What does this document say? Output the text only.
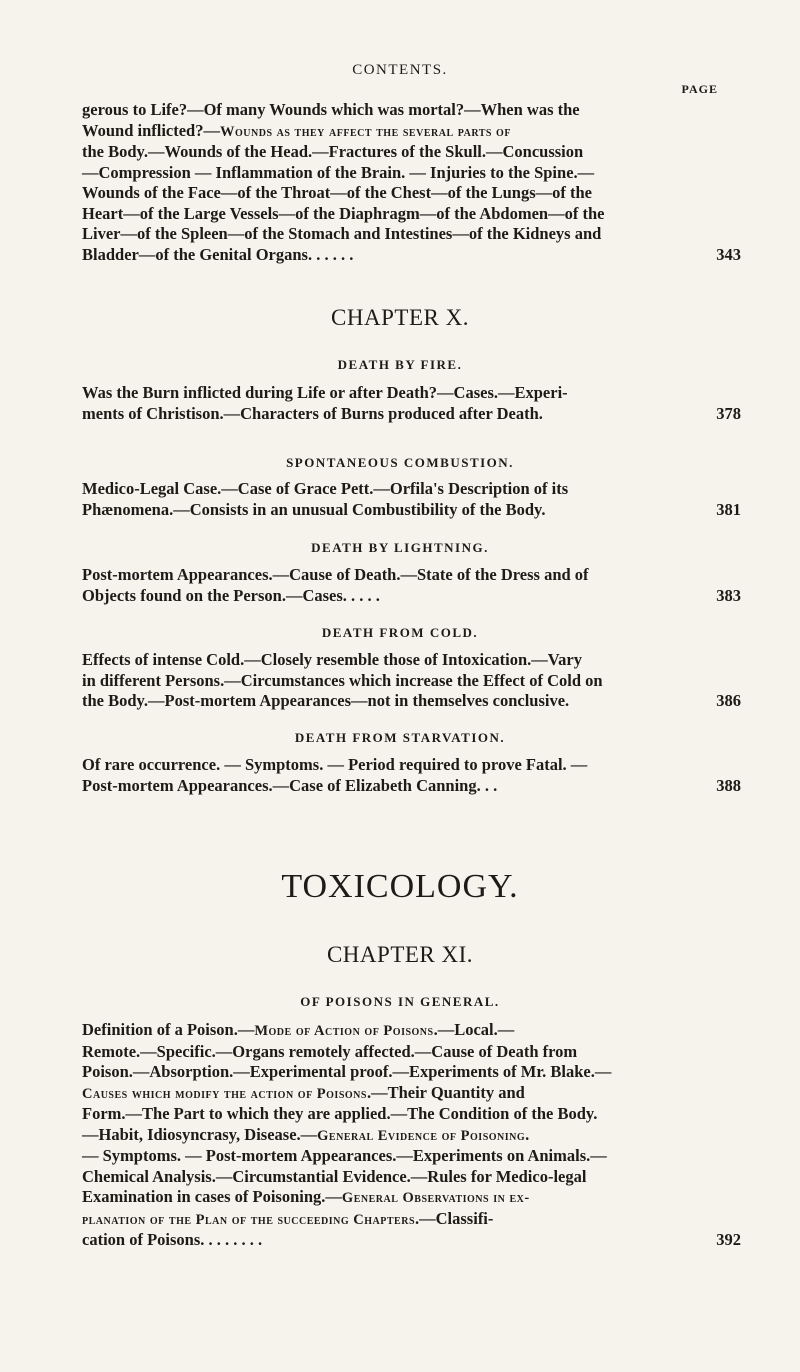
CONTENTS.
PAGE

gerous to Life?—Of many Wounds which was mortal?—When was the

Wound inflicted?—Wounds as they affect the several parts of

the Body.—Wounds of the Head.—Fractures of the Skull.—Concussion

—Compression — Inflammation of the Brain. — Injuries to the Spine.—

Wounds of the Face—of the Throat—of the Chest—of the Lungs—of the

Heart—of the Large Vessels—of the Diaphragm—of the Abdomen—of the

Liver—of the Spleen—of the Stomach and Intestines—of the Kidneys and

Bladder—of the Genital Organs. . . . . .	343
CHAPTER X.
DEATH BY FIRE.

Was the Burn inflicted during Life or after Death?—Cases.—Experi-

ments of Christison.—Characters of Burns produced after Death.	378
SPONTANEOUS COMBUSTION.

Medico-Legal Case.—Case of Grace Pett.—Orfila's Description of its

Phænomena.—Consists in an unusual Combustibility of the Body.	381
DEATH BY LIGHTNING.

Post-mortem Appearances.—Cause of Death.—State of the Dress and of

Objects found on the Person.—Cases. . . . .	383
DEATH FROM COLD.

Effects of intense Cold.—Closely resemble those of Intoxication.—Vary

in different Persons.—Circumstances which increase the Effect of Cold on

the Body.—Post-mortem Appearances—not in themselves conclusive.	386
DEATH FROM STARVATION.

Of rare occurrence. — Symptoms. — Period required to prove Fatal. —

Post-mortem Appearances.—Case of Elizabeth Canning. . .	388
TOXICOLOGY.
CHAPTER XI.
OF POISONS IN GENERAL.

Definition of a Poison.—Mode of Action of Poisons.—Local.—

Remote.—Specific.—Organs remotely affected.—Cause of Death from

Poison.—Absorption.—Experimental proof.—Experiments of Mr. Blake.—

Causes which modify the action of Poisons.—Their Quantity and

Form.—The Part to which they are applied.—The Condition of the Body.

—Habit, Idiosyncrasy, Disease.—General Evidence of Poisoning.

— Symptoms. — Post-mortem Appearances.—Experiments on Animals.—

Chemical Analysis.—Circumstantial Evidence.—Rules for Medico-legal

Examination in cases of Poisoning.—General Observations in ex-

planation of the Plan of the succeeding Chapters.—Classifi-

cation of Poisons. . . . . . . .	392
